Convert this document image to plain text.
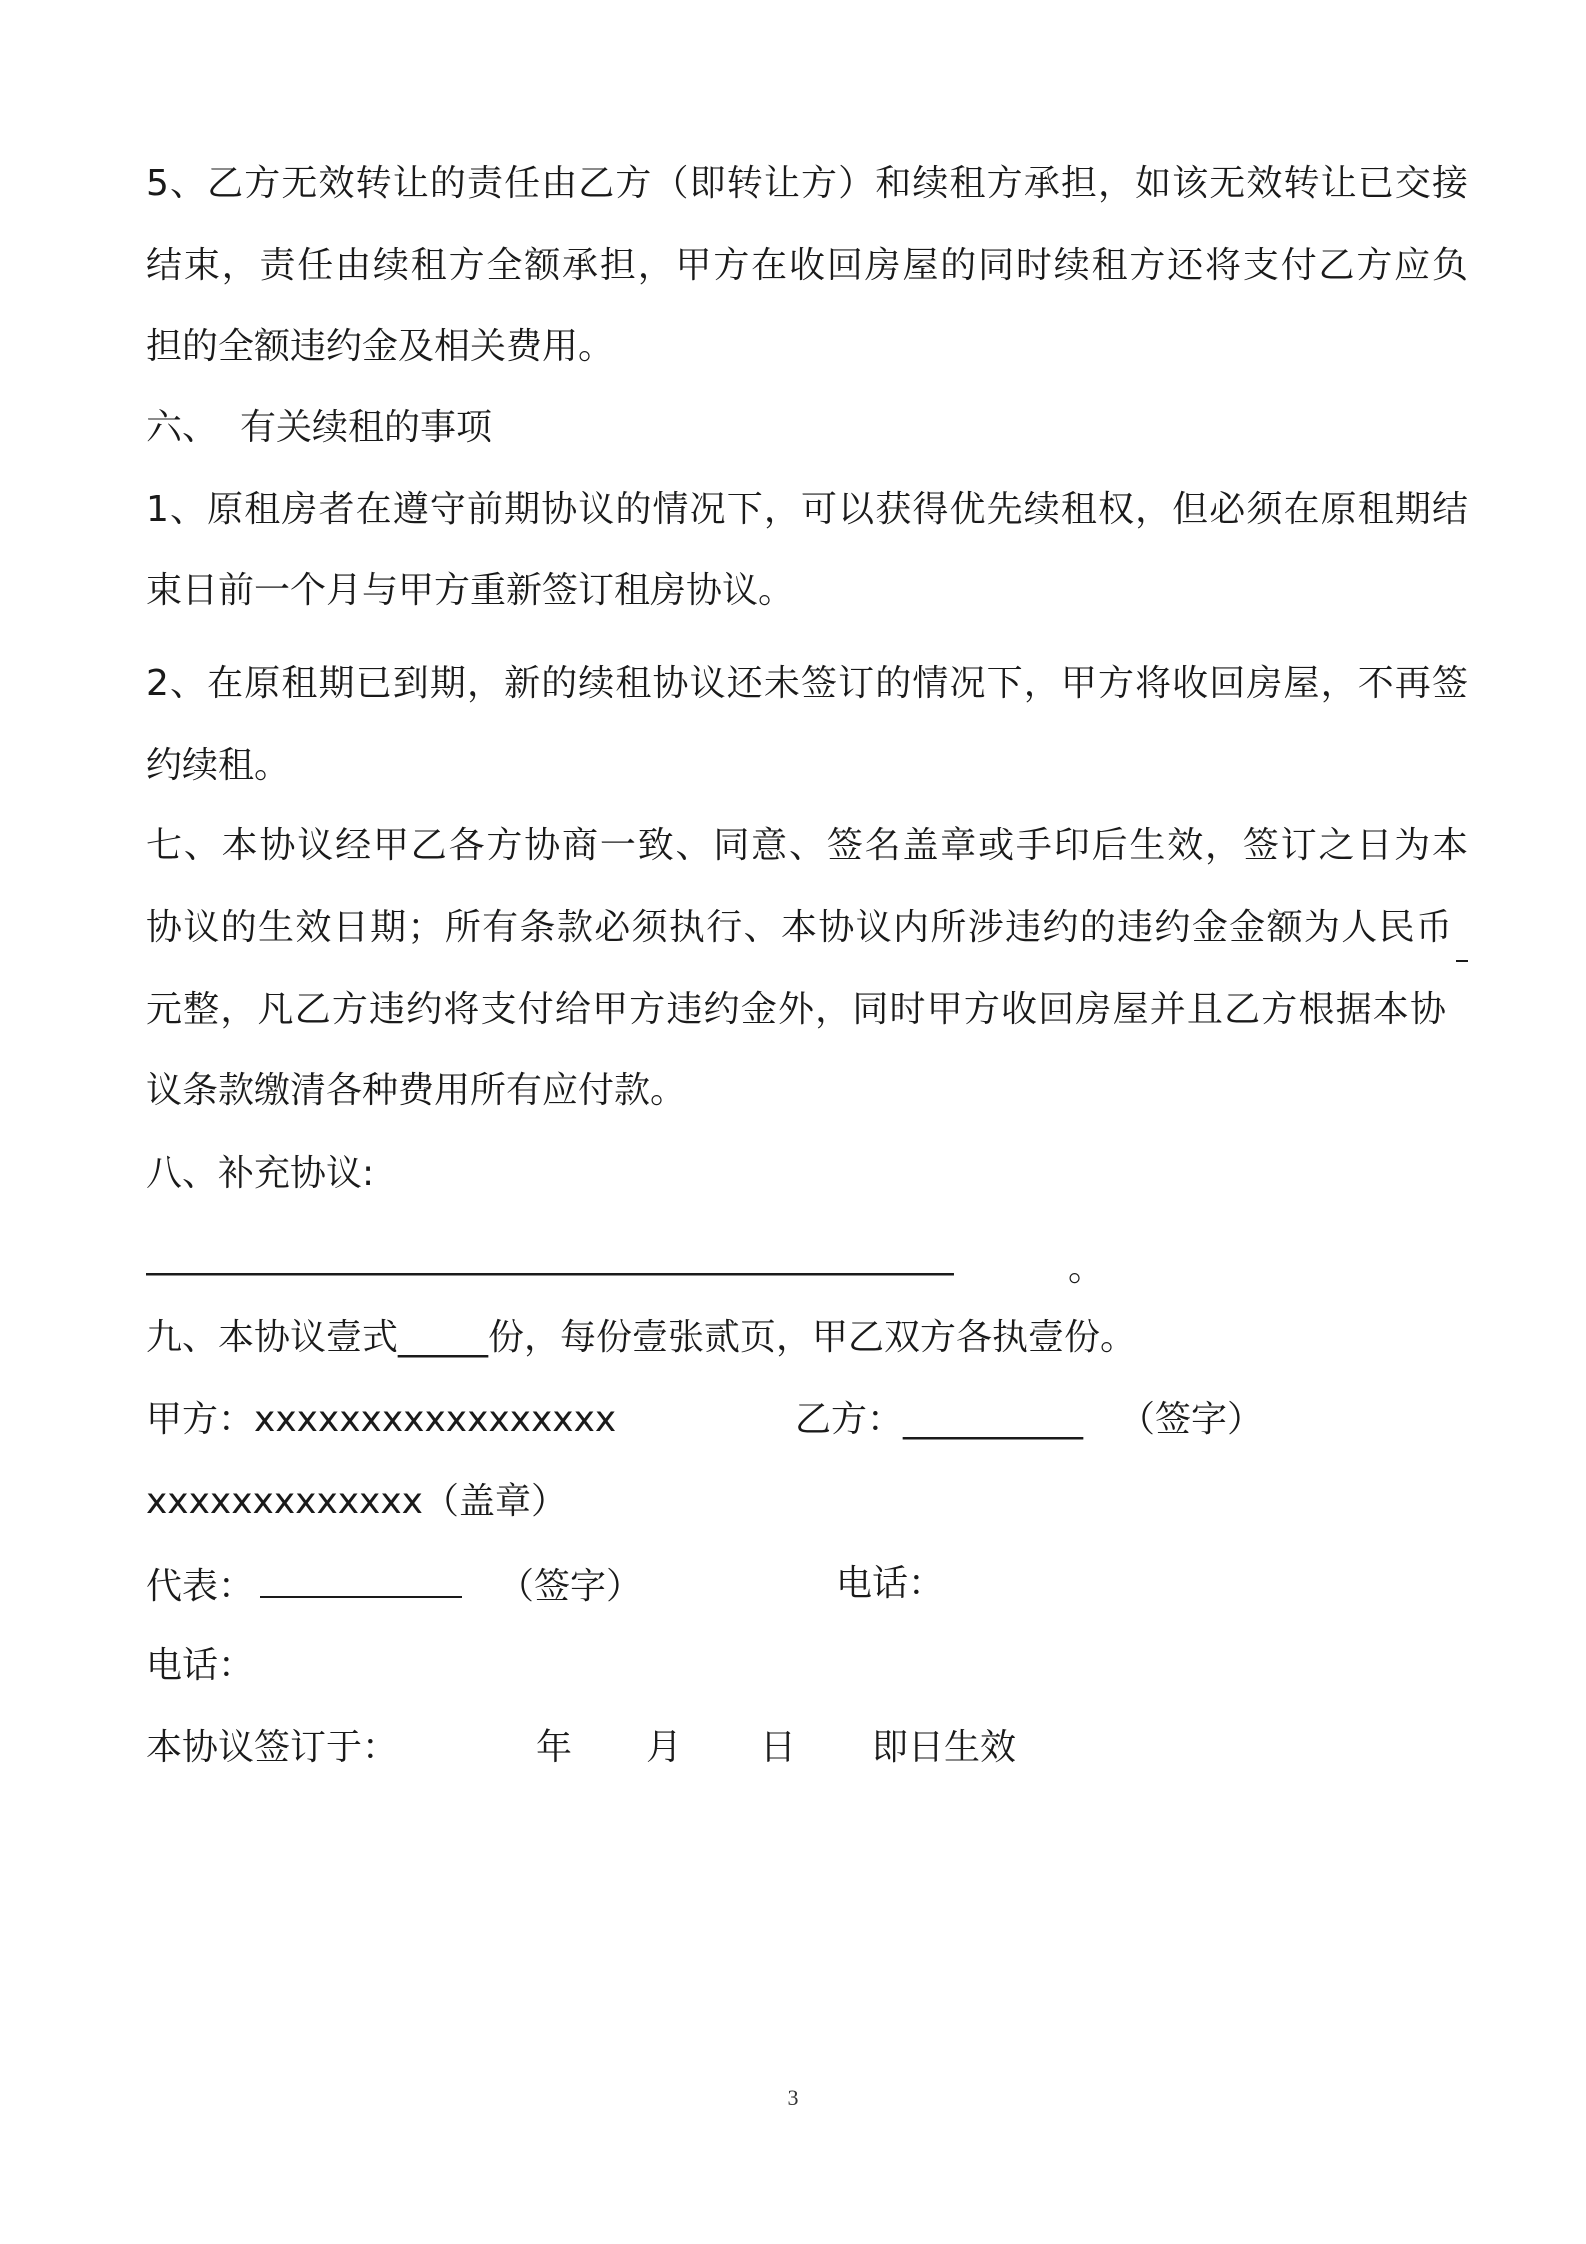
5、乙方无效转让的责任由乙方（即转让方）和续租方承担，如该无效转让已交接
结束，责任由续租方全额承担，甲方在收回房屋的同时续租方还将支付乙方应负
担的全额违约金及相关费用。
六、 有关续租的事项
1、原租房者在遵守前期协议的情况下，可以获得优先续租权，但必须在原租期结
束日前一个月与甲方重新签订租房协议。
2、在原租期已到期，新的续租协议还未签订的情况下，甲方将收回房屋，不再签
约续租。
七、本协议经甲乙各方协商一致、同意、签名盖章或手印后生效，签订之日为本
协议的生效日期；所有条款必须执行、本协议内所涉违约的违约金金额为人民币
元整，凡乙方违约将支付给甲方违约金外，同时甲方收回房屋并且乙方根据本协
议条款缴清各种费用所有应付款。
八、补充协议:
________________________________________________	。
九、本协议壹式_____份，每份壹张贰页，甲乙双方各执壹份。
甲方：xxxxxxxxxxxxxxxxx	乙方：__________ （签字）
xxxxxxxxxxxxx（盖章）
代表：	（签字）	电话：
电话：
本协议签订于：	年 月 日 即日生效
3
